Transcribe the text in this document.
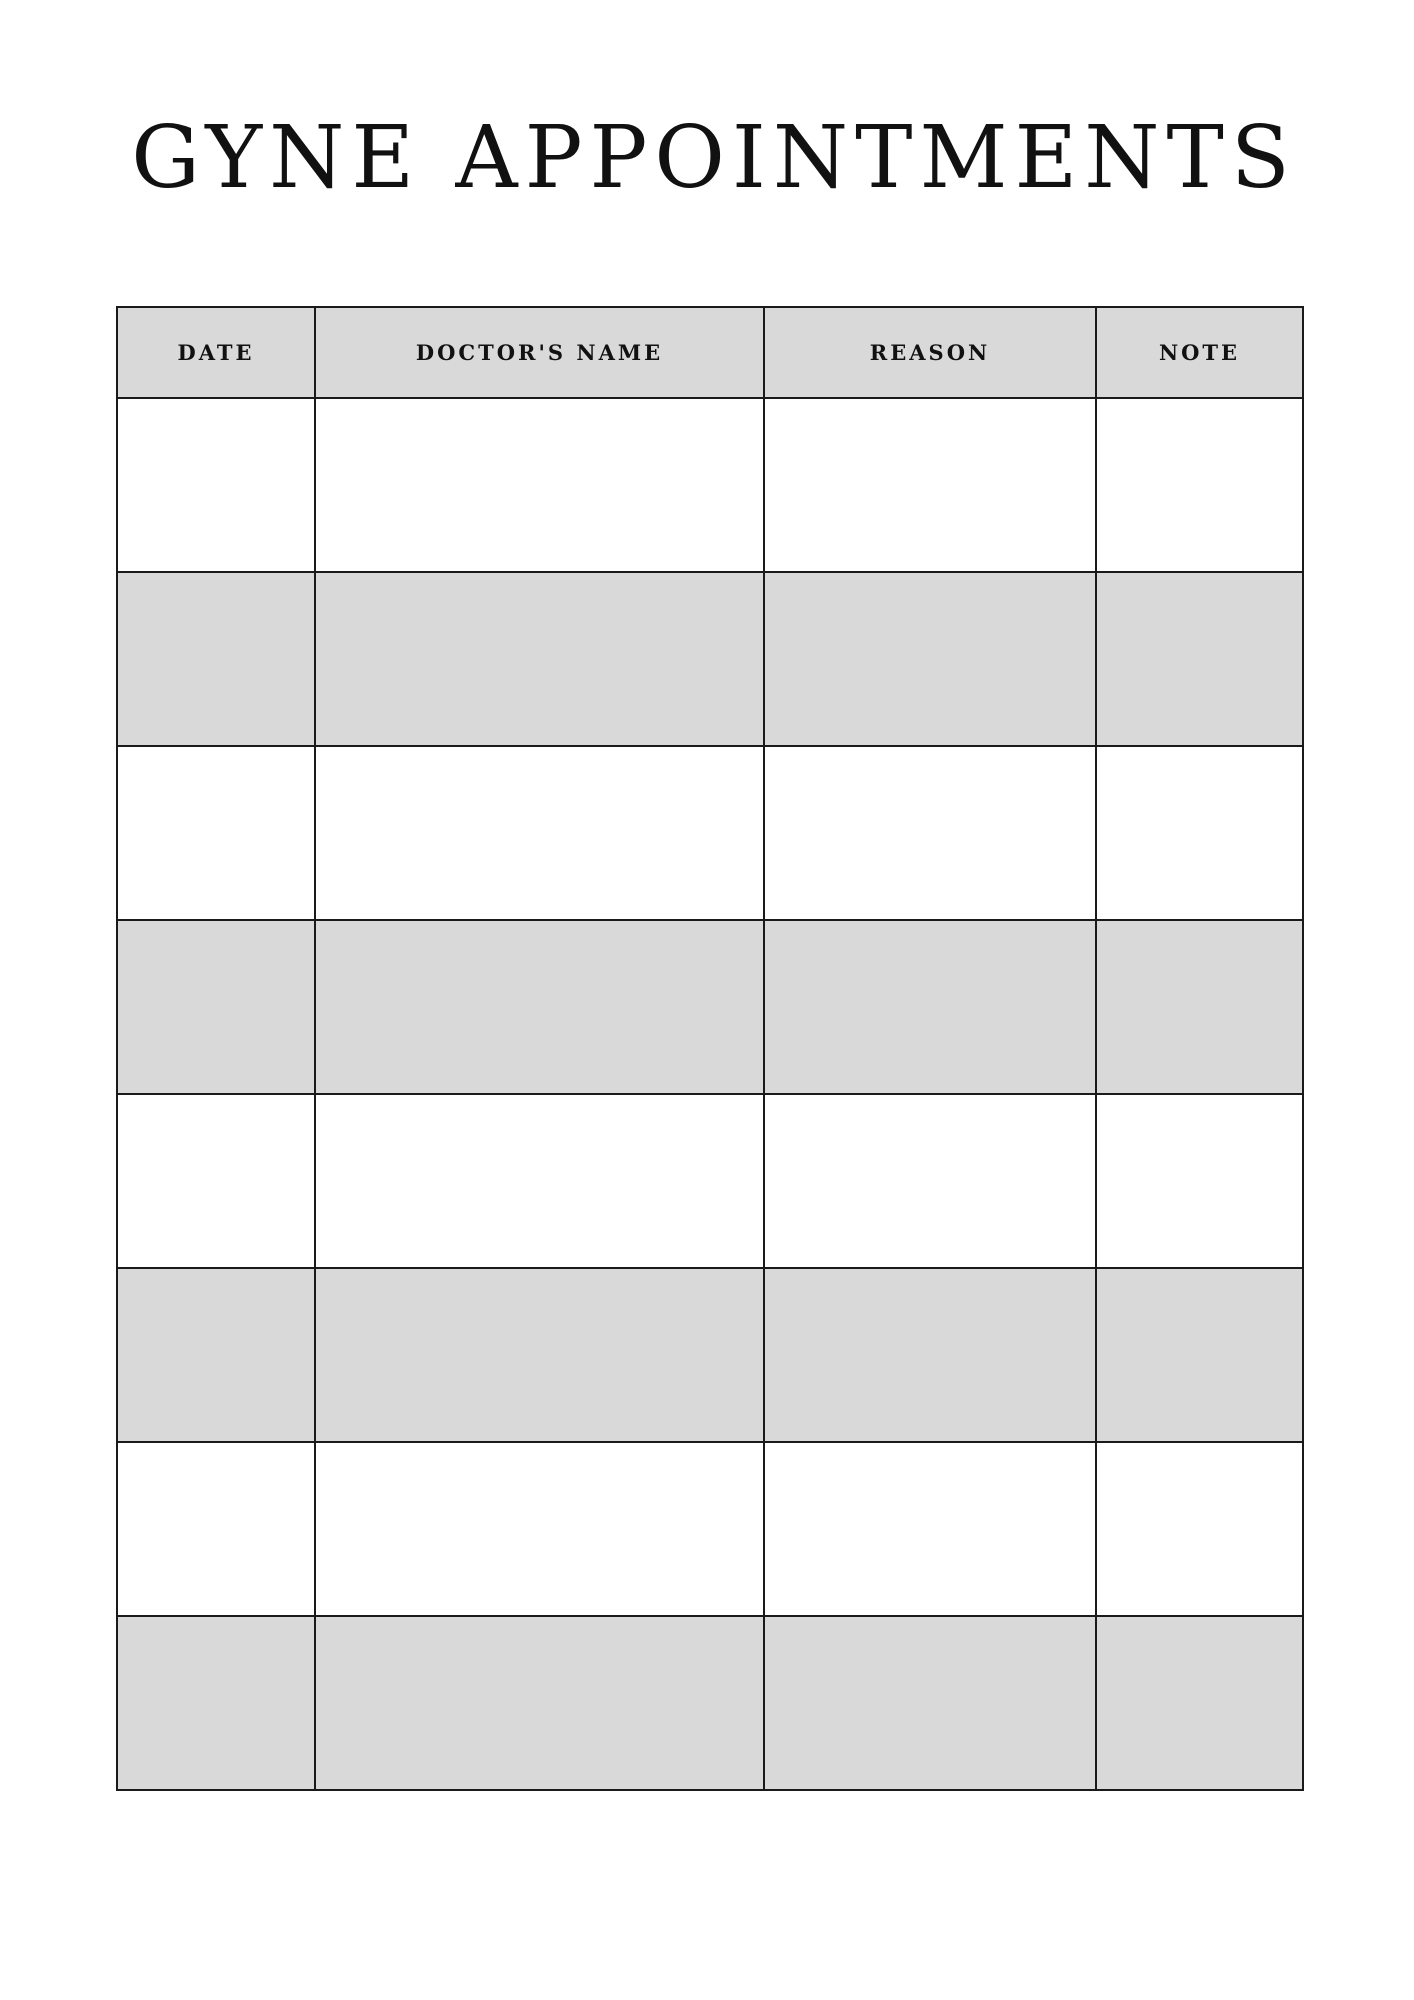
GYNE APPOINTMENTS
DATE	DOCTOR'S NAME	REASON	NOTE
